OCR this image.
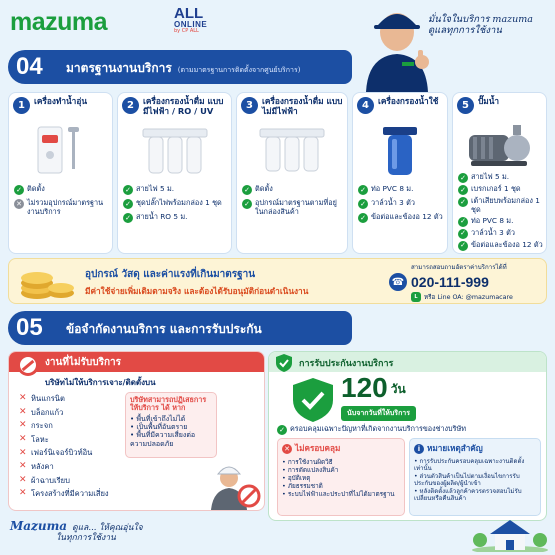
mazuma	ALL
ONLINE
by CP ALL
มั่นใจในบริการ mazuma ดูแลทุกการใช้งาน
04 มาตรฐานงานบริการ (ตามมาตรฐานการติดตั้งจากศูนย์บริการ)
1	เครื่องทำน้ำอุ่น
✓ ติดตั้ง
✕ ไม่รวมอุปกรณ์มาตรฐานงานบริการ
2	เครื่องกรองน้ำดื่ม แบบมีไฟฟ้า / RO / UV
✓ สายไฟ 5 ม.
✓ ชุดปลั๊กไฟพร้อมกล่อง 1 ชุด
✓ สายน้ำ RO 5 ม.
3	เครื่องกรองน้ำดื่ม แบบไม่มีไฟฟ้า
✓ ติดตั้ง
✓ อุปกรณ์มาตรฐานตามที่อยู่ในกล่องสินค้า
4	เครื่องกรองน้ำใช้
✓ ท่อ PVC 8 ม.
✓ วาล์วน้ำ 3 ตัว
✓ ข้อต่อและข้องอ 12 ตัว
5	ปั๊มน้ำ
✓ สายไฟ 5 ม.
✓ เบรกเกอร์ 1 ชุด
✓ เต้าเสียบพร้อมกล่อง 1 ชุด
✓ ท่อ PVC 8 ม.
✓ วาล์วน้ำ 3 ตัว
✓ ข้อต่อและข้องอ 12 ตัว
อุปกรณ์ วัสดุ และค่าแรงที่เกินมาตรฐาน
มีค่าใช้จ่ายเพิ่มเติมตามจริง และต้องได้รับอนุมัติก่อนดำเนินงาน
สามารถสอบถามอัตราค่าบริการได้ที่
☎ 020-111-999
L	หรือ Line OA: @mazumacare
05 ข้อจำกัดงานบริการ และการรับประกัน
งานที่ไม่รับบริการ
บริษัทไม่ให้บริการเจาะ/ติดตั้งบน
✕ หินแกรนิต
✕ บล็อกแก้ว
✕ กระจก
✕ โลหะ
✕ เฟอร์นิเจอร์บิวท์อิน
✕ หลังคา
✕ ผ้าฉาบเรียบ
✕ โครงสร้างที่มีความเสี่ยง
บริษัทสามารถปฏิเสธการให้บริการ ได้ หาก
• พื้นที่เข้าถึงไม่ได้
• เป็นพื้นที่อันตราย
• พื้นที่มีความเสี่ยงต่อความปลอดภัย
การรับประกันงานบริการ
120 วัน
นับจากวันที่ให้บริการ
✓ ครอบคลุมเฉพาะปัญหาที่เกิดจากงานบริการของช่างบริษัท
✕ ไม่ครอบคลุม
• การใช้งานผิดวิธี
• การดัดแปลงสินค้า
• อุบัติเหตุ
• ภัยธรรมชาติ
• ระบบไฟฟ้าและประปาที่ไม่ได้มาตรฐาน
i หมายเหตุสำคัญ
• การรับประกันครอบคลุมเฉพาะงานติดตั้งเท่านั้น
• ส่วนตัวสินค้าเป็นไปตามเงื่อนไขการรับประกันของผู้ผลิต/ผู้นำเข้า
• หลังติดตั้งแล้วลูกค้าควรตรวจสอบไม่รับเปลี่ยนหรือคืนสินค้า
Mazuma ดูแล... ให้คุณอุ่นใจ
ในทุกการใช้งาน
